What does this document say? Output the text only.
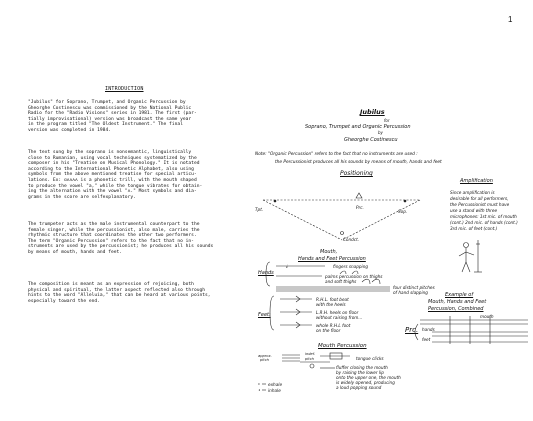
1
INTRODUCTION
"Jubilus" for Soprano, Trumpet, and Organic Percussion by
Gheorghe Costinescu was commissioned by the National Public
Radio for the "Radio Visions" series in 1981. The first (par-
tially improvisational) version was broadcast the same year
in the program titled "The Oldest Instrument." The final
version was completed in 1984.
The text sung by the soprano is nonsemantic, linguistically
close to Rumanian, using vocal techniques systematized by the
composer in his "Treatise on Musical Phonology." It is notated
according to the International Phonetic Alphabet, also using
symbols from the above mentioned treatise for special articu-
lations. Ex: ɑʌʌʌʌ is a phonetic trill, with the mouth shaped
to produce the vowel "a," while the tongue vibrates for obtain-
ing the alternation with the vowel "ʌ." Most symbols and dia-
grams in the score are selfexplanatory.
The trumpeter acts as the male instrumental counterpart to the
female singer, while the percussionist, also male, carries the
rhythmic structure that coordinates the other two performers.
The term "Organic Percussion" refers to the fact that no in-
struments are used by the percussionist; he produces all his sounds
by means of mouth, hands and feet.
The composition is meant as an expression of rejoicing, both
physical and spiritual, the latter aspect reflected also through
hints to the word "Alleluia," that can be heard at various points,
especially toward the end.
Jubilus
for
Soprano, Trumpet and Organic Percussion
by
Gheorghe Costinescu
Note: "Organic Percussion" refers to the fact that no instruments are used :
the Percussionist produces all his sounds by means of mouth, hands and feet
Positioning
Tpt.	Prc.
Sop.
Condct.
Amplification
Since amplification is
desirable for all performers,
the Percussionist must have
use a stand with three
microphones: 1st mic. of mouth
(cont.) 2nd mic. of hands (cont.)
3rd mic. of feet (cont.)
Mouth,
Hands and Feet Percussion
Hands
fingers snapping
palms percussion on thighs
and soft thighs
four distinct pitches
of hand slapping
Feet:
R.H.L. foot beat
with the heels
L.R.H. heels on floor
without raising from...
whole R.H.L foot
on the floor
Example of
Mouth, Hands and Feet
Percussion, Combined
mouth
Prc. hands
feet
Mouth Percussion
approx.
pitch
indef.
pitch	tongue clicks
fluffer closing the mouth
by raising the lower lip
onto the upper one, the mouth
is widely opened, producing
a loud popping sound
exhale
inhale
𝅗𝅥
▸
◂
